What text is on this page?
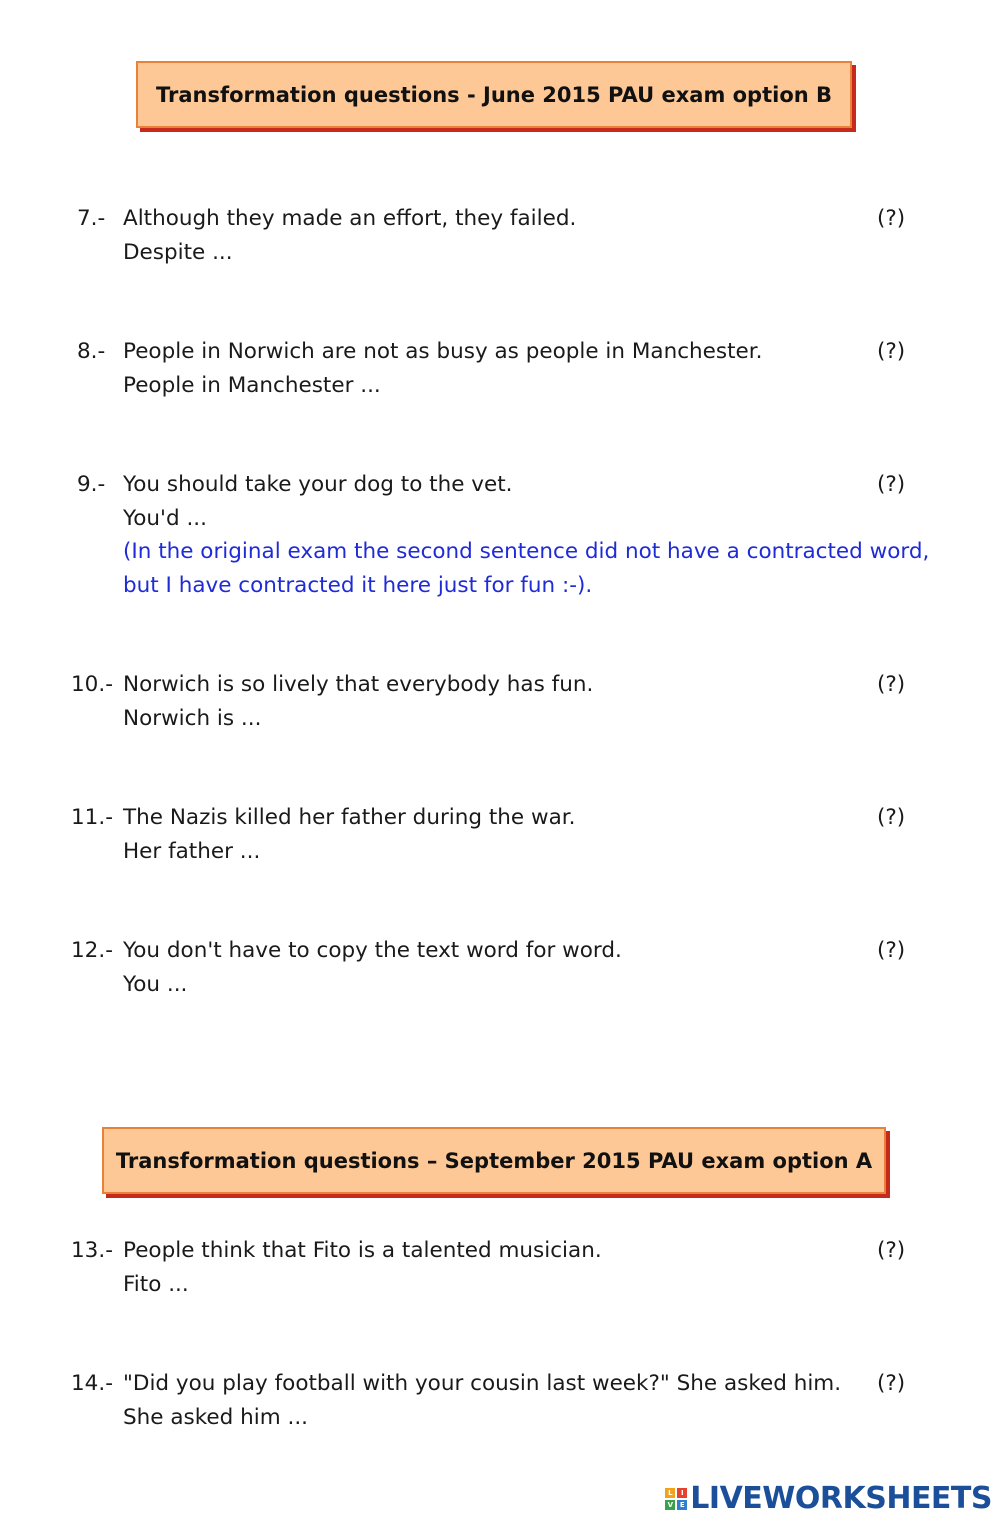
Transformation questions - June 2015 PAU exam option B
7.- Although they made an effort, they failed.
Despite ...
(?)
8.- People in Norwich are not as busy as people in Manchester.
People in Manchester ...
(?)
9.- You should take your dog to the vet.
You'd ...
(In the original exam the second sentence did not have a contracted word,
but I have contracted it here just for fun :-).
(?)
10.- Norwich is so lively that everybody has fun.
Norwich is ...
(?)
11.- The Nazis killed her father during the war.
Her father ...
(?)
12.- You don't have to copy the text word for word.
You ...
(?)
Transformation questions – September 2015 PAU exam option A
13.- People think that Fito is a talented musician.
Fito ...
(?)
14.- "Did you play football with your cousin last week?" She asked him.
She asked him ...
(?)
L	I
V E LIVEWORKSHEETS
